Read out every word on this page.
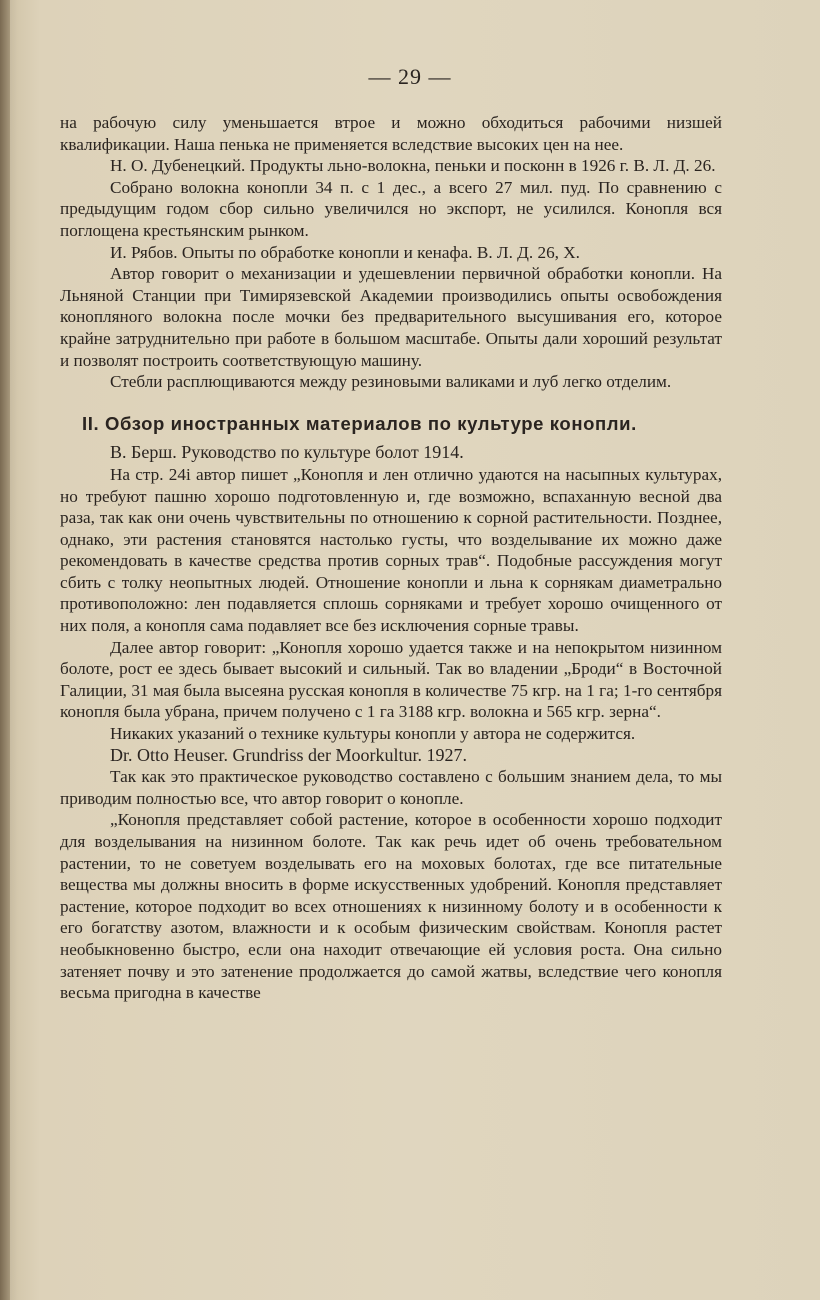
— 29 —

на рабочую силу уменьшается втрое и можно обходиться рабочими низшей квалификации. Наша пенька не применяется вследствие высоких цен на нее.

Н. О. Дубенецкий. Продукты льно-волокна, пеньки и посконн в 1926 г. В. Л. Д. 26.

Собрано волокна конопли 34 п. с 1 дес., а всего 27 мил. пуд. По сравнению с предыдущим годом сбор сильно увеличился но экспорт, не усилился. Конопля вся поглощена крестьянским рынком.

И. Рябов. Опыты по обработке конопли и кенафа. В. Л. Д. 26, X.

Автор говорит о механизации и удешевлении первичной обработки конопли. На Льняной Станции при Тимирязевской Академии производились опыты освобождения конопляного волокна после мочки без предварительного высушивания его, которое крайне затруднительно при работе в большом масштабе. Опыты дали хороший результат и позволят построить соответствующую машину.

Стебли расплющиваются между резиновыми валиками и луб легко отделим.

II. Обзор иностранных материалов по культуре конопли.

В. Берш. Руководство по культуре болот 1914.

На стр. 24і автор пишет „Конопля и лен отлично удаются на насыпных культурах, но требуют пашню хорошо подготовленную и, где возможно, вспаханную весной два раза, так как они очень чувствительны по отношению к сорной растительности. Позднее, однако, эти растения становятся настолько густы, что возделывание их можно даже рекомендовать в качестве средства против сорных трав“. Подобные рассуждения могут сбить с толку неопытных людей. Отношение конопли и льна к сорнякам диаметрально противоположно: лен подавляется сплошь сорняками и требует хорошо очищенного от них поля, а конопля сама подавляет все без исключения сорные травы.

Далее автор говорит: „Конопля хорошо удается также и на непокрытом низинном болоте, рост ее здесь бывает высокий и сильный. Так во владении „Броди“ в Восточной Галиции, 31 мая была высеяна русская конопля в количестве 75 кгр. на 1 га; 1-го сентября конопля была убрана, причем получено с 1 га 3188 кгр. волокна и 565 кгр. зерна“.

Никаких указаний о технике культуры конопли у автора не содержится.

Dr. Otto Heuser. Grundriss der Moorkultur. 1927.

Так как это практическое руководство составлено с большим знанием дела, то мы приводим полностью все, что автор говорит о конопле.

„Конопля представляет собой растение, которое в особенности хорошо подходит для возделывания на низинном болоте. Так как речь идет об очень требовательном растении, то не советуем возделывать его на моховых болотах, где все питательные вещества мы должны вносить в форме искусственных удобрений. Конопля представляет растение, которое подходит во всех отношениях к низинному болоту и в особенности к его богатству азотом, влажности и к особым физическим свойствам. Конопля растет необыкновенно быстро, если она находит отвечающие ей условия роста. Она сильно затеняет почву и это затенение продолжается до самой жатвы, вследствие чего конопля весьма пригодна в качестве
